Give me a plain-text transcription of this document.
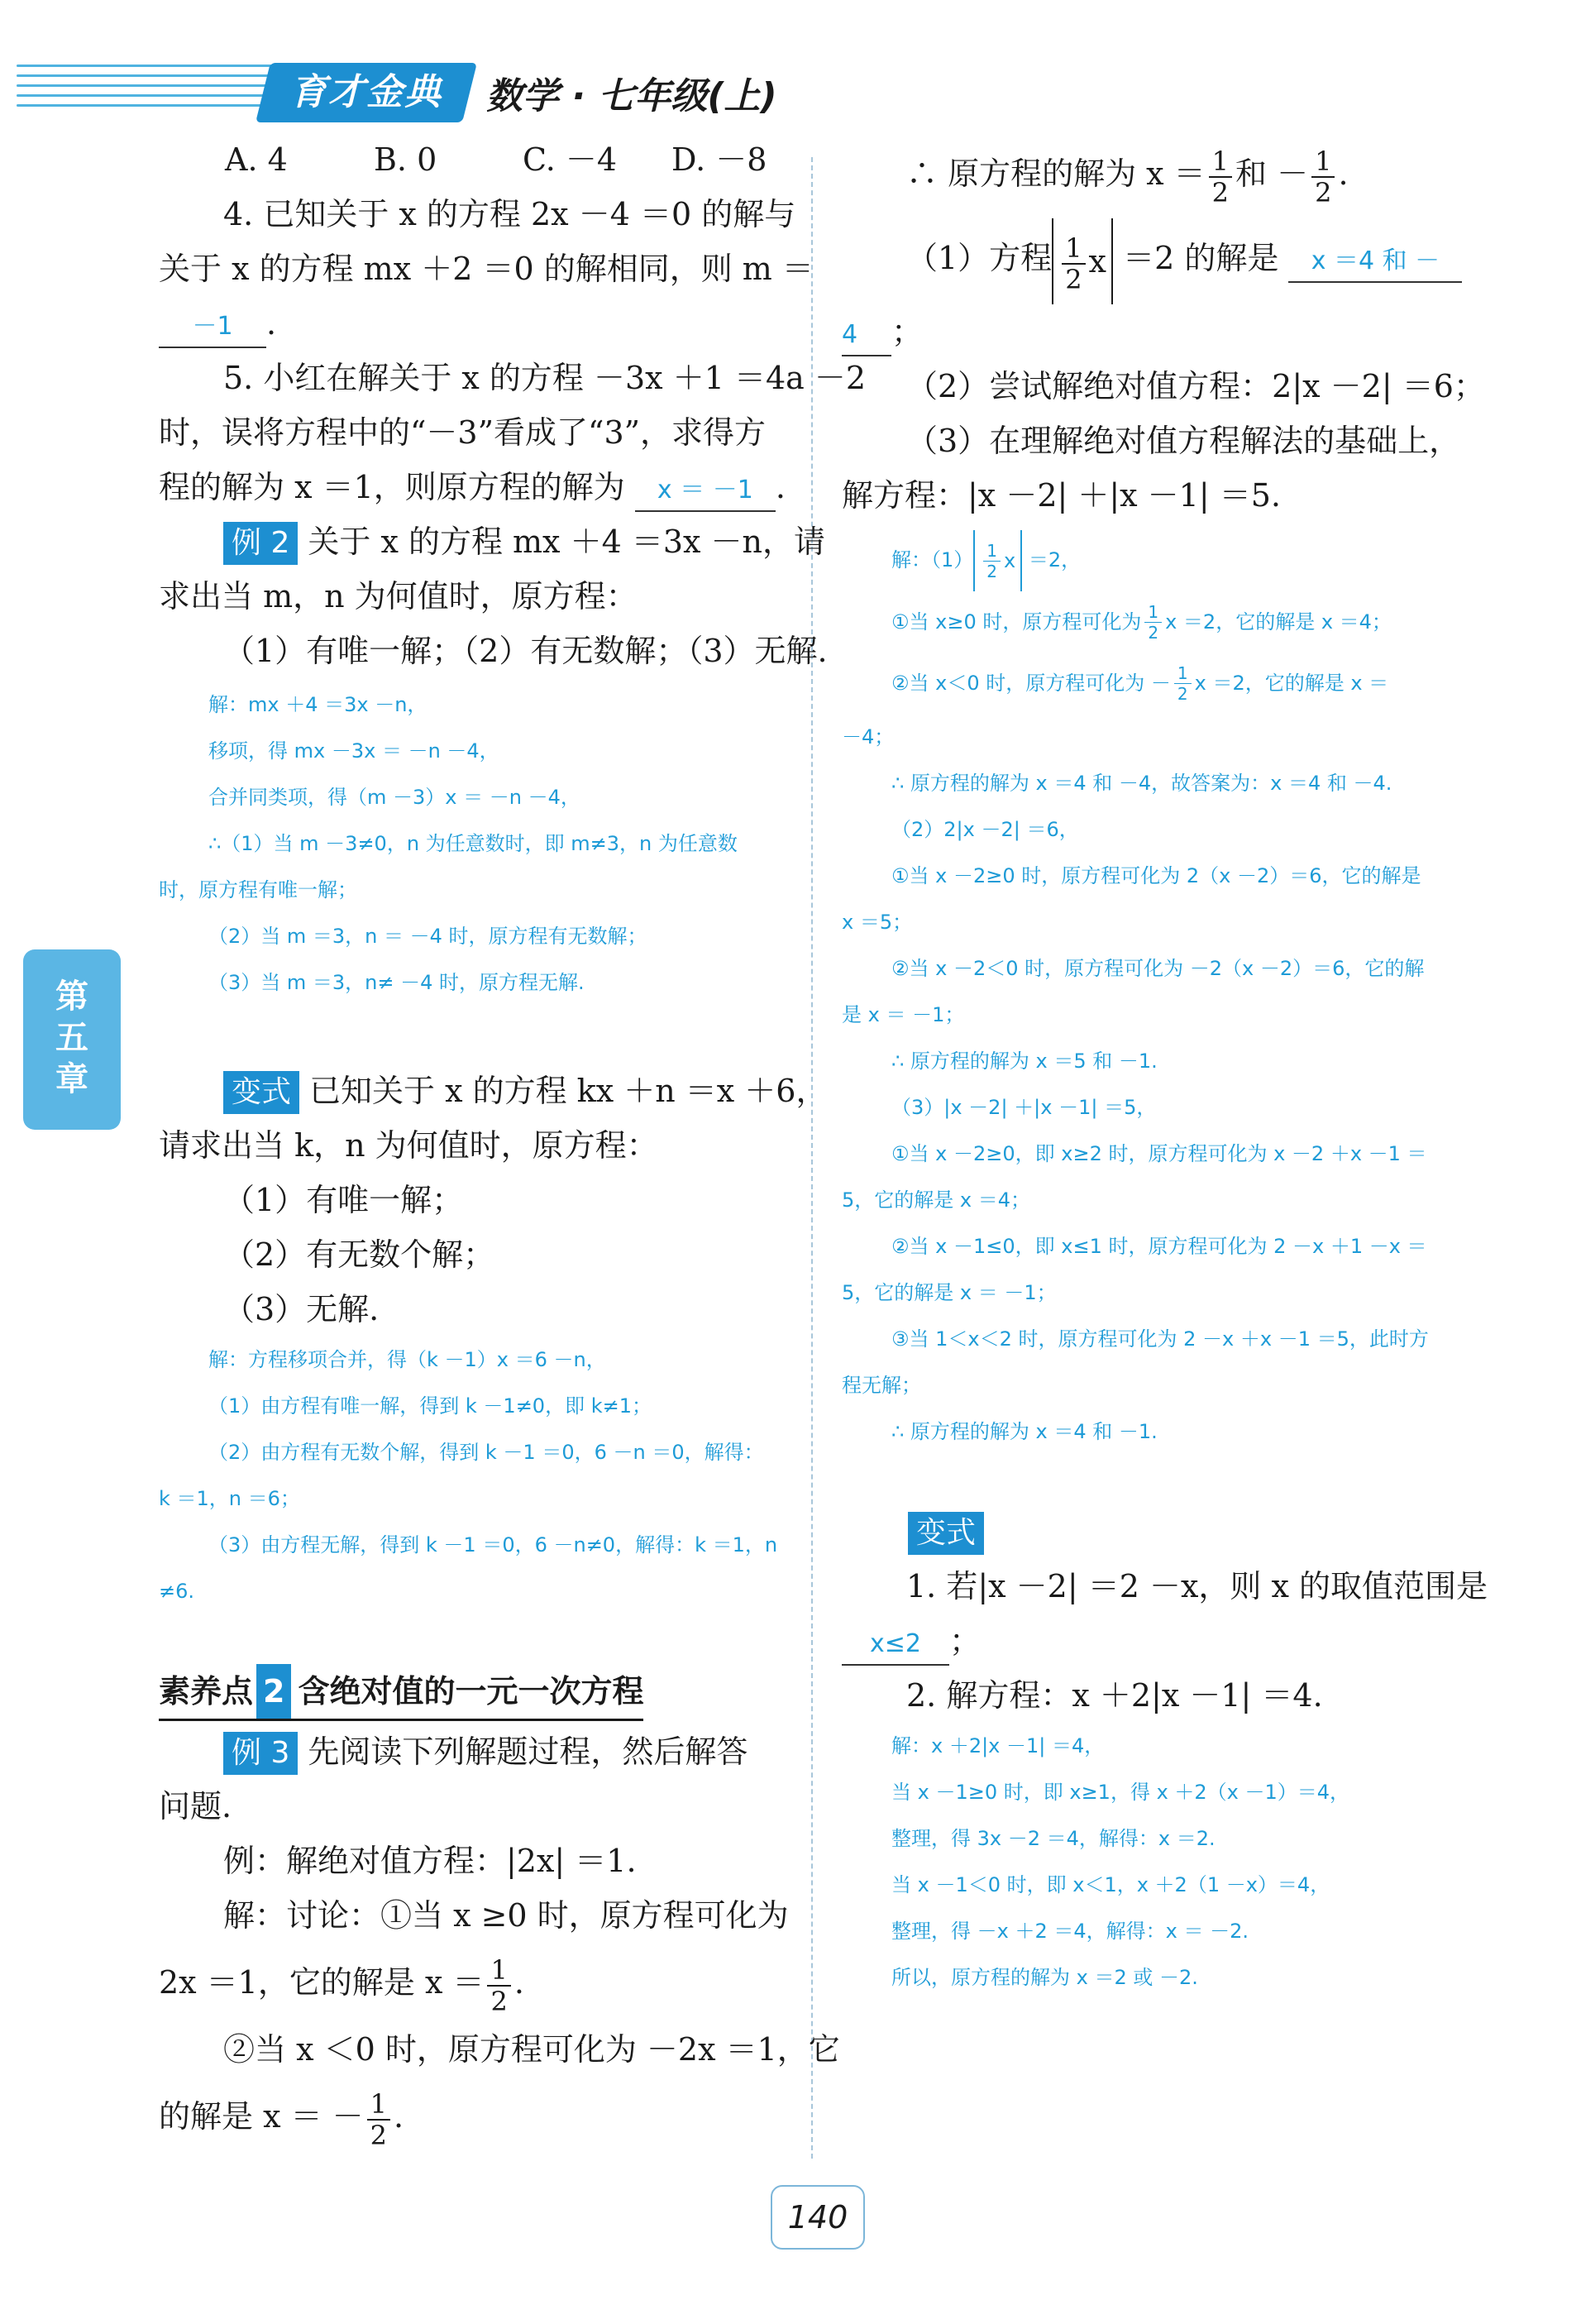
育才金典	数学 · 七年级(上)
第
五
章

A. 4	B. 0	C. －4 D. －8

4. 已知关于 x 的方程 2x －4 ＝0 的解与

关于 x 的方程 mx ＋2 ＝0 的解相同，则 m ＝

－1 .

5. 小红在解关于 x 的方程 －3x ＋1 ＝4a －2

时，误将方程中的“－3”看成了“3”，求得方

程的解为 x ＝1，则原方程的解为 x ＝ －1 .

例 2 关于 x 的方程 mx ＋4 ＝3x －n，请

求出当 m，n 为何值时，原方程：

（1）有唯一解；（2）有无数解；（3）无解.

解：mx ＋4 ＝3x －n，

移项，得 mx －3x ＝ －n －4，

合并同类项，得（m －3）x ＝ －n －4，

∴（1）当 m －3≠0，n 为任意数时，即 m≠3，n 为任意数

时，原方程有唯一解；

（2）当 m ＝3，n ＝ －4 时，原方程有无数解；

（3）当 m ＝3，n≠ －4 时，原方程无解.

变式 已知关于 x 的方程 kx ＋n ＝x ＋6，

请求出当 k，n 为何值时，原方程：

（1）有唯一解；

（2）有无数个解；

（3）无解.

解：方程移项合并，得（k －1）x ＝6 －n，

（1）由方程有唯一解，得到 k －1≠0，即 k≠1；

（2）由方程有无数个解，得到 k －1 ＝0，6 －n ＝0，解得：

k ＝1，n ＝6；

（3）由方程无解，得到 k －1 ＝0，6 －n≠0，解得：k ＝1，n

≠6.

素养点 2 含绝对值的一元一次方程

例 3 先阅读下列解题过程，然后解答

问题.

例：解绝对值方程：|2x| ＝1.

解：讨论：①当 x ≥0 时，原方程可化为

2x ＝1，它的解是 $x = \frac{1}{2}$ .

②当 x ＜0 时，原方程可化为 －2x ＝1，它

的解是 x ＝ － $\frac{1}{2}$ .

∴ 原方程的解为 $x = \frac{1}{2}$ 和 － $\frac{1}{2}$ .

（1）方程 $\frac{1}{2}$ x ＝2 的解是 x ＝4 和 －

4 ；

（2）尝试解绝对值方程：2|x －2| ＝6；

（3）在理解绝对值方程解法的基础上，

解方程：|x －2| ＋|x －1| ＝5.

解：$(1) \frac{1}{2}$ x ＝2，

①当 x≥0 时，原方程可化为 $\frac{1}{2}$ x ＝2，它的解是 x ＝4；

②当 x＜0 时，原方程可化为 － $\frac{1}{2}$ x ＝2，它的解是 x ＝

－4；

∴ 原方程的解为 x ＝4 和 －4，故答案为：x ＝4 和 －4.

（2）2|x －2| ＝6，

①当 x －2≥0 时，原方程可化为 2（x －2）＝6，它的解是

x ＝5；

②当 x －2＜0 时，原方程可化为 －2（x －2）＝6，它的解

是 x ＝ －1；

∴ 原方程的解为 x ＝5 和 －1.

（3）|x －2| ＋|x －1| ＝5，

①当 x －2≥0，即 x≥2 时，原方程可化为 x －2 ＋x －1 ＝

5，它的解是 x ＝4；

②当 x －1≤0，即 x≤1 时，原方程可化为 2 －x ＋1 －x ＝

5，它的解是 x ＝ －1；

③当 1＜x＜2 时，原方程可化为 2 －x ＋x －1 ＝5，此时方

程无解；

∴ 原方程的解为 x ＝4 和 －1.

变式

1. 若|x －2| ＝2 －x，则 x 的取值范围是

x≤2 ；

2. 解方程：x ＋2|x －1| ＝4.

解：x ＋2|x －1| ＝4，

当 x －1≥0 时，即 x≥1，得 x ＋2（x －1）＝4，

整理，得 3x －2 ＝4，解得：x ＝2.

当 x －1＜0 时，即 x＜1，x ＋2（1 －x）＝4，

整理，得 －x ＋2 ＝4，解得：x ＝ －2.

所以，原方程的解为 x ＝2 或 －2.

140
